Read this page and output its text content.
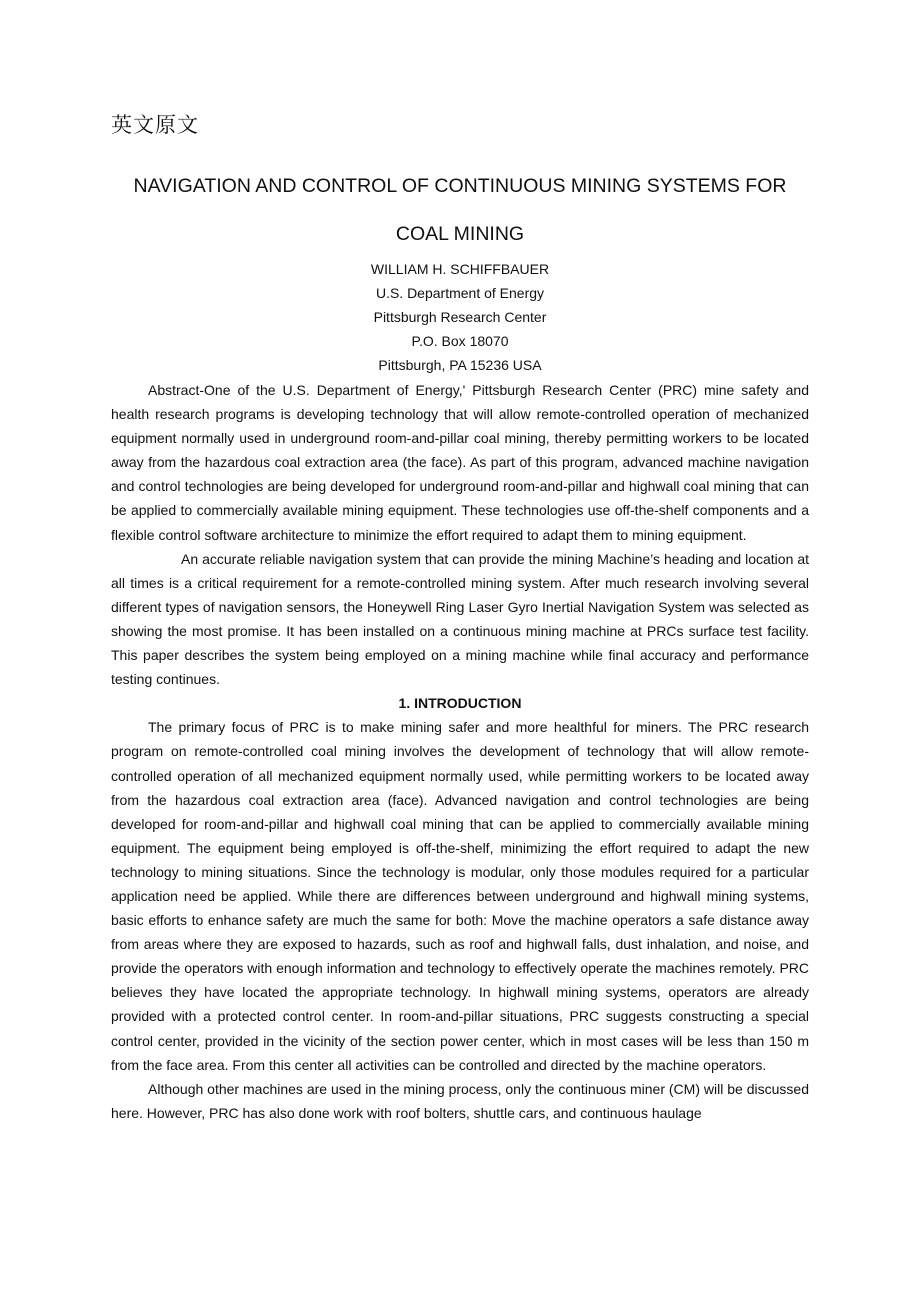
英文原文
NAVIGATION AND CONTROL OF CONTINUOUS MINING SYSTEMS FOR
COAL MINING
WILLIAM H. SCHIFFBAUER
U.S. Department of Energy
Pittsburgh Research Center
P.O. Box 18070
Pittsburgh, PA 15236 USA

Abstract-One of the U.S. Department of Energy,' Pittsburgh Research Center (PRC) mine safety and health research programs is developing technology that will allow remote-controlled operation of mechanized equipment normally used in underground room-and-pillar coal mining, thereby permitting workers to be located away from the hazardous coal extraction area (the face). As part of this program, advanced machine navigation and control technologies are being developed for underground room-and-pillar and highwall coal mining that can be applied to commercially available mining equipment. These technologies use off-the-shelf components and a flexible control software architecture to minimize the effort required to adapt them to mining equipment.

An accurate reliable navigation system that can provide the mining Machine’s heading and location at all times is a critical requirement for a remote-controlled mining system. After much research involving several different types of navigation sensors, the Honeywell Ring Laser Gyro Inertial Navigation System was selected as showing the most promise. It has been installed on a continuous mining machine at PRCs surface test facility. This paper describes the system being employed on a mining machine while final accuracy and performance testing continues.

1. INTRODUCTION

The primary focus of PRC is to make mining safer and more healthful for miners. The PRC research program on remote-controlled coal mining involves the development of technology that will allow remote-controlled operation of all mechanized equipment normally used, while permitting workers to be located away from the hazardous coal extraction area (face). Advanced navigation and control technologies are being developed for room-and-pillar and highwall coal mining that can be applied to commercially available mining equipment. The equipment being employed is off-the-shelf, minimizing the effort required to adapt the new technology to mining situations. Since the technology is modular, only those modules required for a particular application need be applied. While there are differences between underground and highwall mining systems, basic efforts to enhance safety are much the same for both: Move the machine operators a safe distance away from areas where they are exposed to hazards, such as roof and highwall falls, dust inhalation, and noise, and provide the operators with enough information and technology to effectively operate the machines remotely. PRC believes they have located the appropriate technology. In highwall mining systems, operators are already provided with a protected control center. In room-and-pillar situations, PRC suggests constructing a special control center, provided in the vicinity of the section power center, which in most cases will be less than 150 m from the face area. From this center all activities can be controlled and directed by the machine operators.

Although other machines are used in the mining process, only the continuous miner (CM) will be discussed here. However, PRC has also done work with roof bolters, shuttle cars, and continuous haulage
